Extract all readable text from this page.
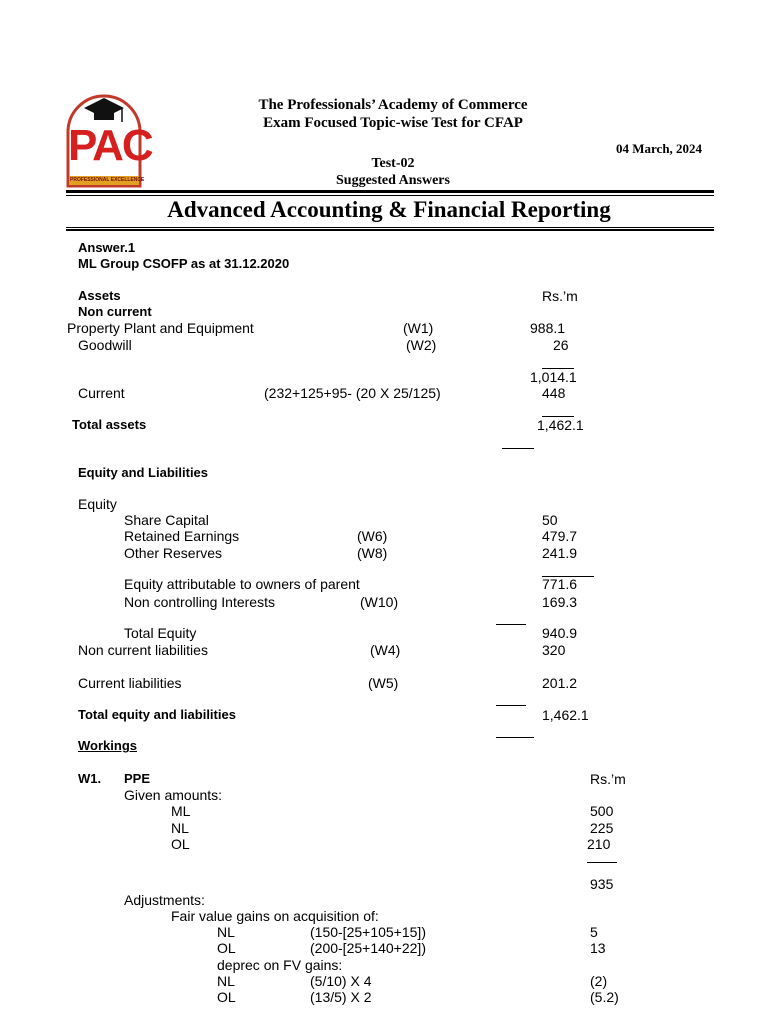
PAC
PROFESSIONAL EXCELLENCE
The Professionals’ Academy of Commerce
Exam Focused Topic-wise Test for CFAP
04 March, 2024
Test-02
Suggested Answers
Advanced Accounting & Financial Reporting
Answer.1
ML Group CSOFP as at 31.12.2020
Assets	Rs.’m
Non current
Property Plant and Equipment	(W1)	988.1
Goodwill	(W2)	26
1,014.1
Current	(232+125+95- (20 X 25/125)	448
Total assets	1,462.1
Equity and Liabilities
Equity
Share Capital	50
Retained Earnings	(W6)	479.7
Other Reserves	(W8)	241.9
Equity attributable to owners of parent	771.6
Non controlling Interests	(W10)	169.3
Total Equity	940.9
Non current liabilities	(W4)	320
Current liabilities	(W5)	201.2
Total equity and liabilities	1,462.1
Workings
W1. PPE	Rs.’m
Given amounts:
ML	500
NL	225
OL	210
935
Adjustments:
Fair value gains on acquisition of:
NL	(150-[25+105+15])	5
OL	(200-[25+140+22])	13
deprec on FV gains:
NL	(5/10) X 4	(2)
OL	(13/5) X 2	(5.2)
